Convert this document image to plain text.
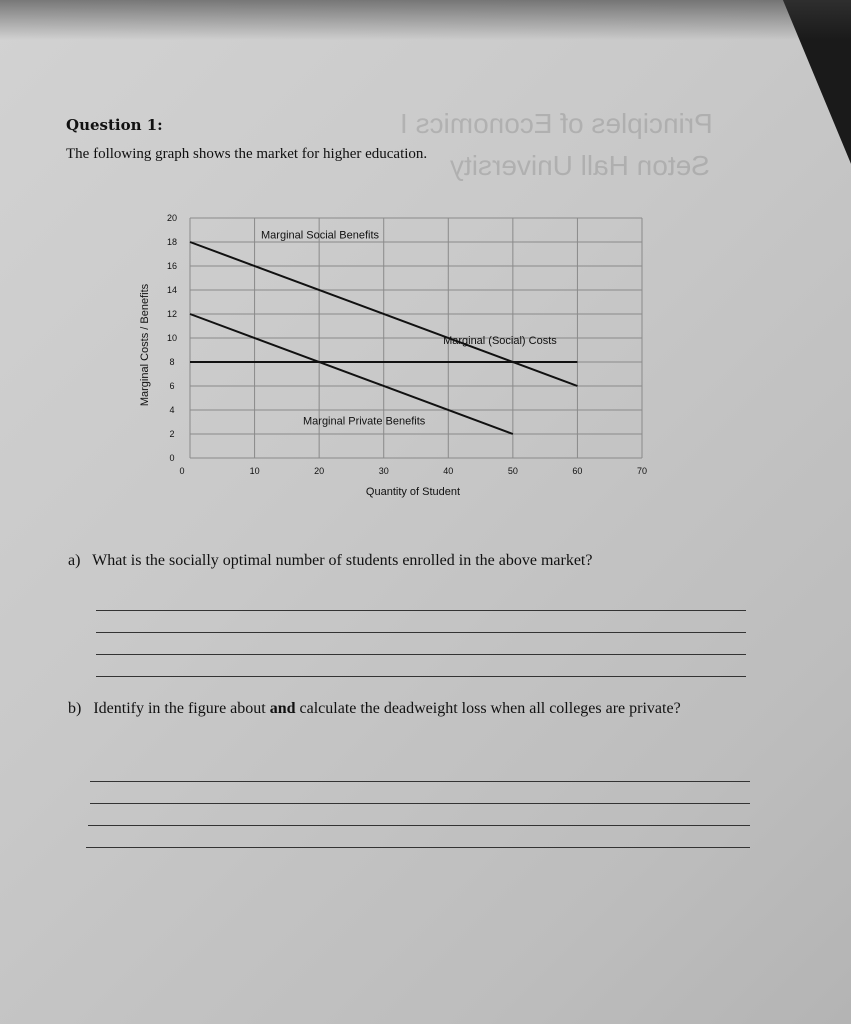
Principles of Economics I
Seton Hall University
Question 1:
The following graph shows the market for higher education.
0
2
4
6
8
10
12
14
16
18
20
0	10	20	30	40	50	60	70
Marginal Social Benefits
Marginal (Social) Costs
Marginal Private Benefits
Quantity of Student
Marginal Costs / Benefits
a) What is the socially optimal number of students enrolled in the above market?
b) Identify in the figure about and calculate the deadweight loss when all colleges are private?
